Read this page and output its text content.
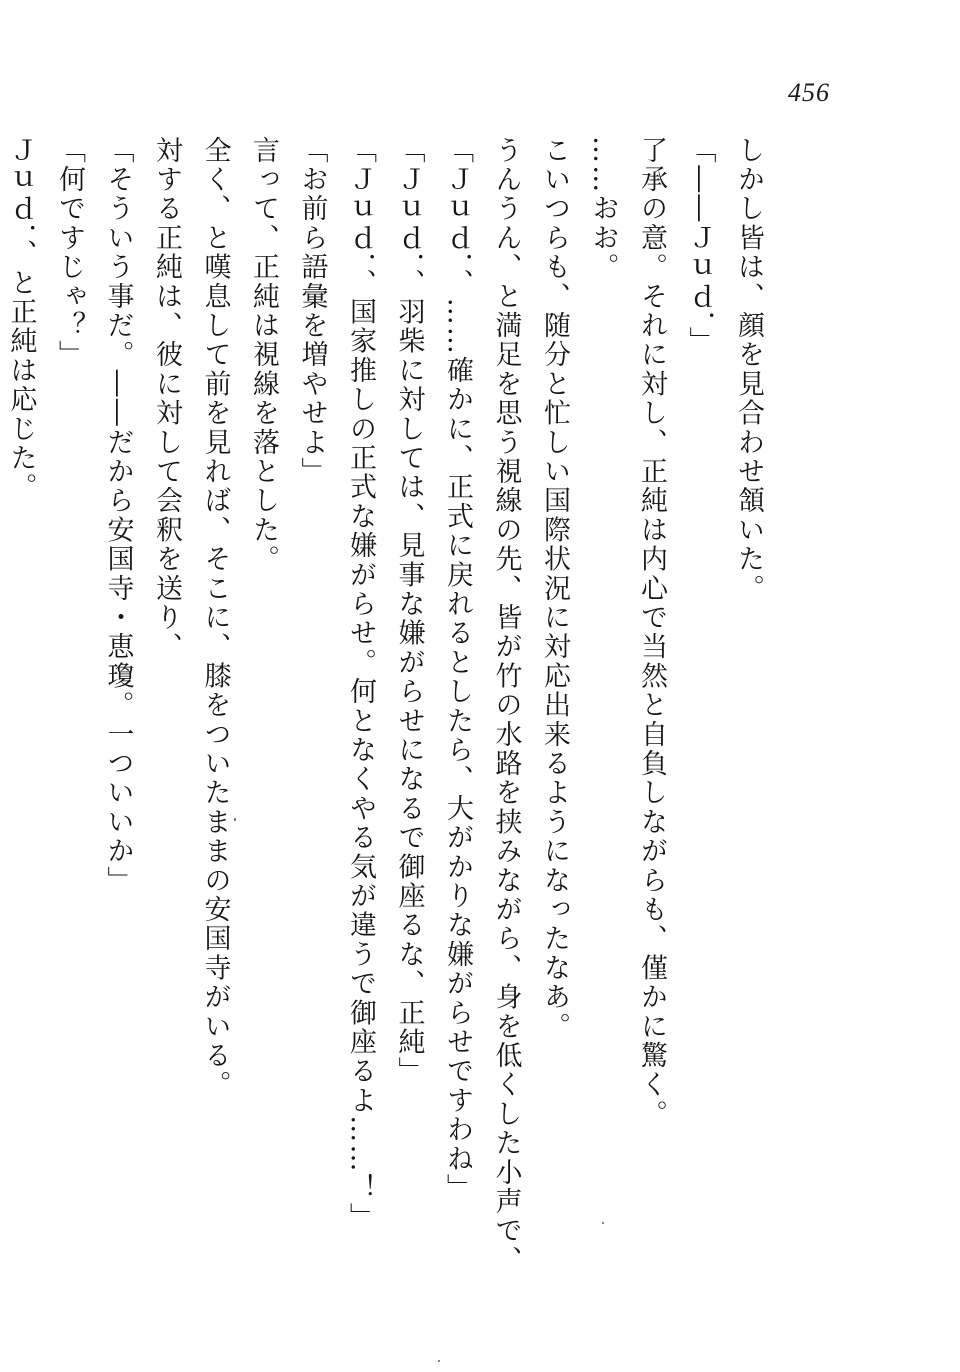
456
しかし皆は、顔を見合わせ頷いた。
「――Ｊｕｄ．」
了承の意。それに対し、正純は内心で当然と自負しながらも、僅かに驚く。
……おお。
こいつらも、随分と忙しい国際状況に対応出来るようになったなあ。
うんうん、と満足を思う視線の先、皆が竹の水路を挟みながら、身を低くした小声で、
「Ｊｕｄ．、……確かに、正式に戻れるとしたら、大がかりな嫌がらせですわね」
「Ｊｕｄ．、羽柴に対しては、見事な嫌がらせになるで御座るな、正純」
「Ｊｕｄ．、国家推しの正式な嫌がらせ。何となくやる気が違うで御座るよ……！」
「お前ら語彙を増やせよ」
言って、正純は視線を落とした。
全く、と嘆息して前を見れば、そこに、膝をついたままの安国寺がいる。
対する正純は、彼に対して会釈を送り、
「そういう事だ。――だから安国寺・恵瓊。一ついいか」
「何ですじゃ？」
Ｊｕｄ．、と正純は応じた。
